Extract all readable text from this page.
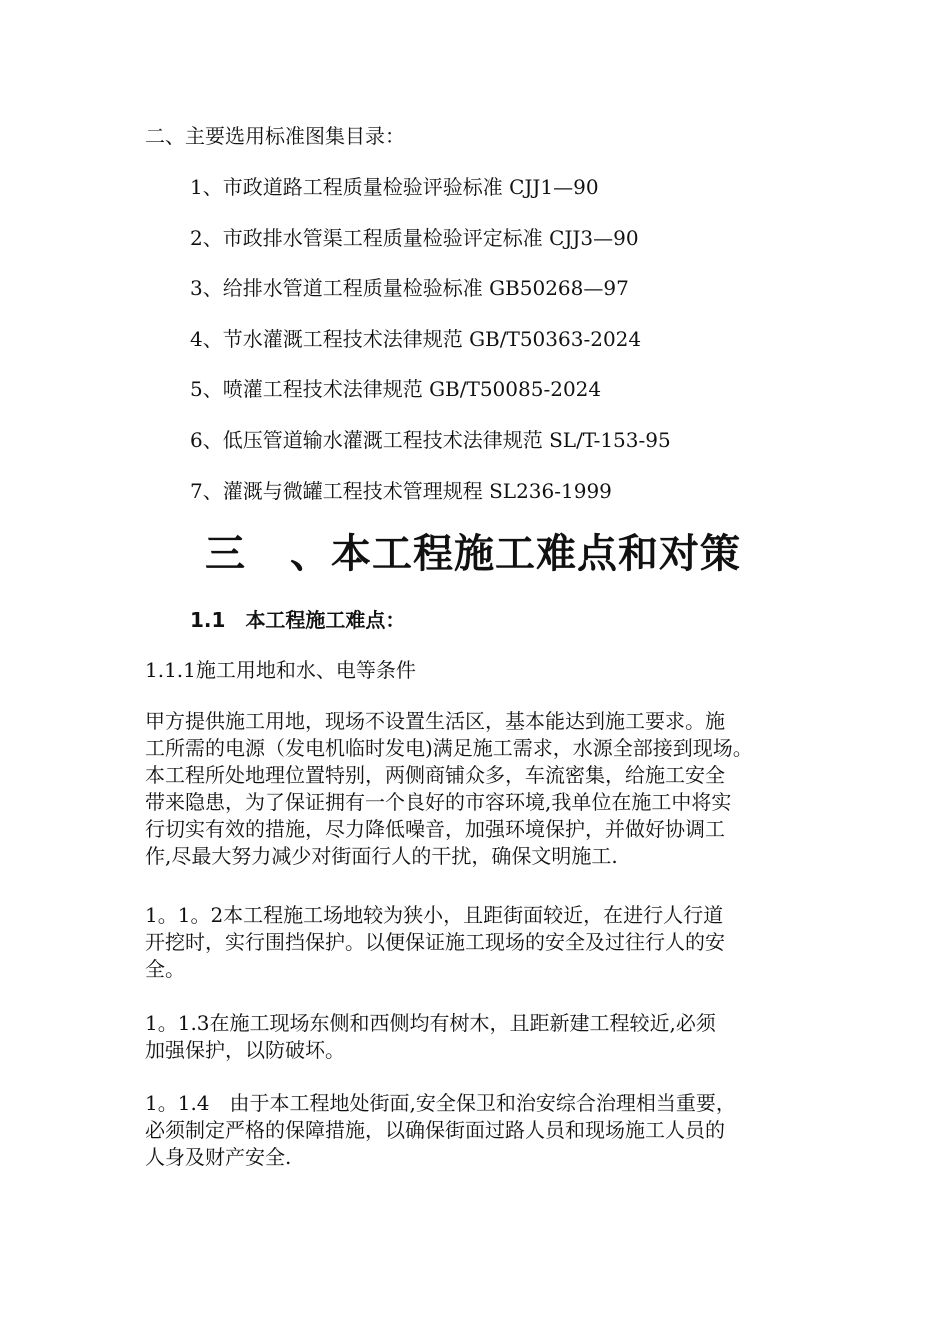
二、主要选用标准图集目录：
1、市政道路工程质量检验评验标准 CJJ1—90
2、市政排水管渠工程质量检验评定标准 CJJ3—90
3、给排水管道工程质量检验标准 GB50268—97
4、节水灌溉工程技术法律规范 GB/T50363-2024
5、喷灌工程技术法律规范 GB/T50085-2024
6、低压管道输水灌溉工程技术法律规范 SL/T-153-95
7、灌溉与微罐工程技术管理规程 SL236-1999
三 、本工程施工难点和对策
1.1 本工程施工难点：
1.1.1施工用地和水、电等条件
甲方提供施工用地，现场不设置生活区，基本能达到施工要求。施
工所需的电源（发电机临时发电)满足施工需求，水源全部接到现场。
本工程所处地理位置特别，两侧商铺众多，车流密集，给施工安全
带来隐患，为了保证拥有一个良好的市容环境,我单位在施工中将实
行切实有效的措施，尽力降低噪音，加强环境保护，并做好协调工
作,尽最大努力减少对街面行人的干扰，确保文明施工.
1。1。2本工程施工场地较为狭小，且距街面较近，在进行人行道
开挖时，实行围挡保护。以便保证施工现场的安全及过往行人的安
全。
1。1.3在施工现场东侧和西侧均有树木，且距新建工程较近,必须
加强保护，以防破坏。
1。1.4　由于本工程地处街面,安全保卫和治安综合治理相当重要，
必须制定严格的保障措施，以确保街面过路人员和现场施工人员的
人身及财产安全.
